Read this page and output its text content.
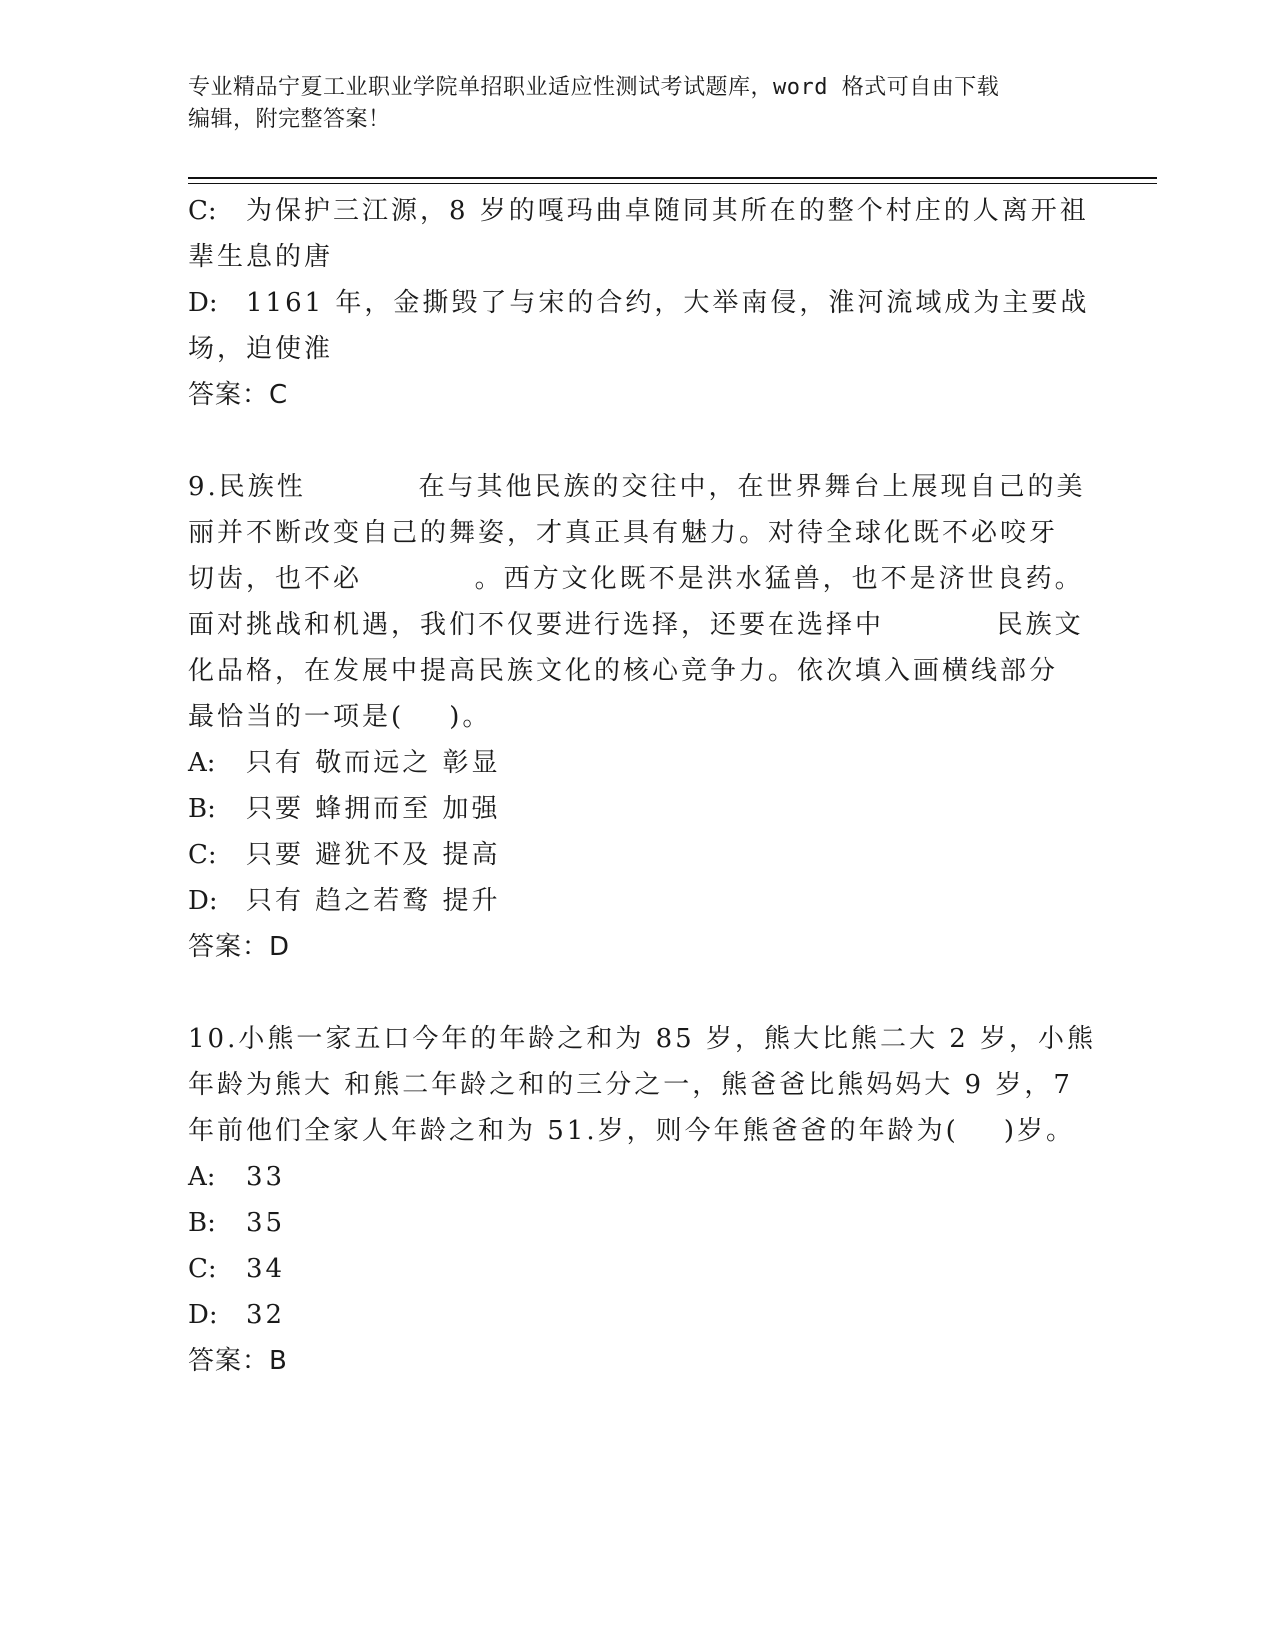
专业精品宁夏工业职业学院单招职业适应性测试考试题库，word 格式可自由下载
编辑，附完整答案！
C: 为保护三江源，8 岁的嘎玛曲卓随同其所在的整个村庄的人离开祖
辈生息的唐
D: 1161 年，金撕毁了与宋的合约，大举南侵，淮河流域成为主要战
场，迫使淮
答案：C
9.民族性          在与其他民族的交往中，在世界舞台上展现自己的美
丽并不断改变自己的舞姿，才真正具有魅力。对待全球化既不必咬牙
切齿，也不必          。西方文化既不是洪水猛兽，也不是济世良药。
面对挑战和机遇，我们不仅要进行选择，还要在选择中          民族文
化品格，在发展中提高民族文化的核心竞争力。依次填入画横线部分
最恰当的一项是(    )。
A: 只有 敬而远之 彰显
B: 只要 蜂拥而至 加强
C: 只要 避犹不及 提高
D: 只有 趋之若鹜 提升
答案：D
10.小熊一家五口今年的年龄之和为 85 岁，熊大比熊二大 2 岁，小熊
年龄为熊大 和熊二年龄之和的三分之一，熊爸爸比熊妈妈大 9 岁，7
年前他们全家人年龄之和为 51.岁，则今年熊爸爸的年龄为(    )岁。
A: 33
B: 35
C: 34
D: 32
答案：B
